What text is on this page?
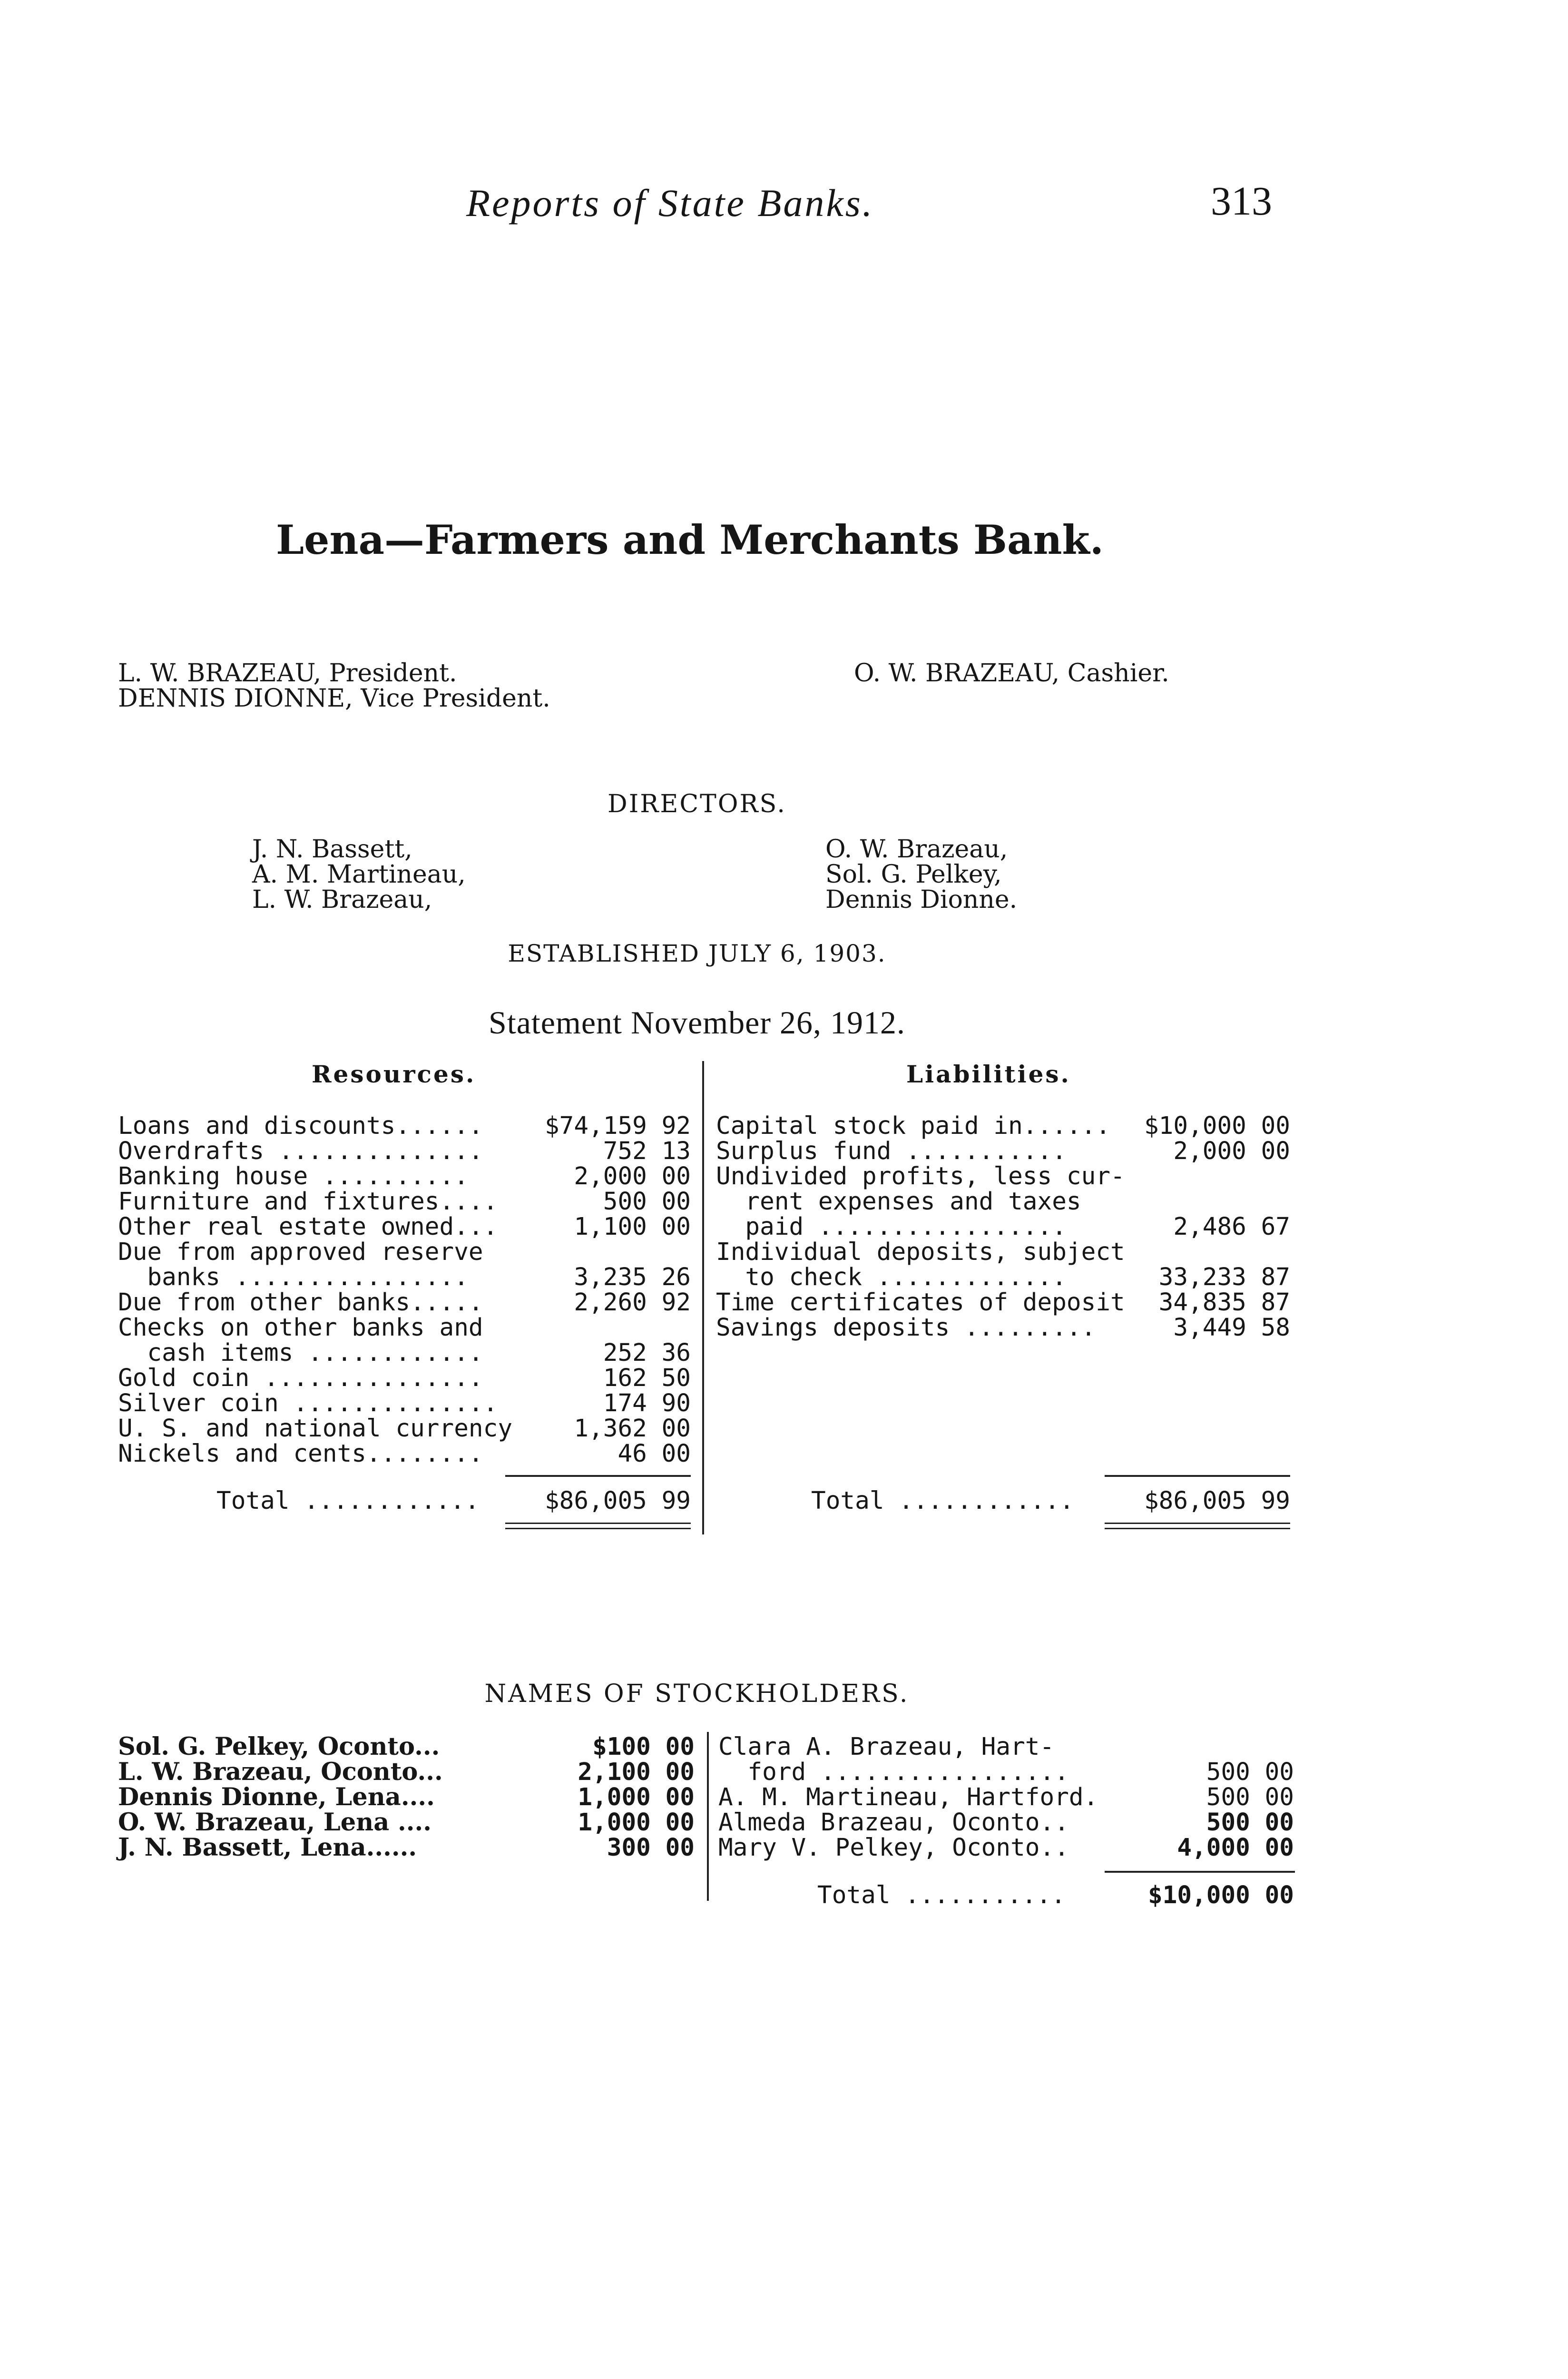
Reports of State Banks.	313
Lena—Farmers and Merchants Bank.
L. W. BRAZEAU, President.
DENNIS DIONNE, Vice President.
O. W. BRAZEAU, Cashier.
DIRECTORS.
J. N. Bassett,
A. M. Martineau,
L. W. Brazeau,
O. W. Brazeau,
Sol. G. Pelkey,
Dennis Dionne.
ESTABLISHED JULY 6, 1903.
Statement November 26, 1912.
Resources.	Liabilities.
Loans and discounts......	$74,159 92
Overdrafts ..............	752 13
Banking house ..........	2,000 00
Furniture and fixtures....	500 00
Other real estate owned...	1,100 00
Due from approved reserve
banks ................	3,235 26
Due from other banks.....	2,260 92
Checks on other banks and
cash items ............	252 36
Gold coin ...............	162 50
Silver coin ..............	174 90
U. S. and national currency	1,362 00
Nickels and cents........	46 00
Total ............	$86,005 99
Capital stock paid in......	$10,000 00
Surplus fund ...........	2,000 00
Undivided profits, less cur-
rent expenses and taxes
paid .................	2,486 67
Individual deposits, subject
to check .............	33,233 87
Time certificates of deposit	34,835 87
Savings deposits .........	3,449 58
Total ............	$86,005 99
NAMES OF STOCKHOLDERS.
Sol. G. Pelkey, Oconto...	$100 00
L. W. Brazeau, Oconto...	2,100 00
Dennis Dionne, Lena....	1,000 00
O. W. Brazeau, Lena ....	1,000 00
J. N. Bassett, Lena......	300 00
Clara A. Brazeau, Hart-
ford .................	500 00
A. M. Martineau, Hartford.	500 00
Almeda Brazeau, Oconto..	500 00
Mary V. Pelkey, Oconto..	4,000 00
Total ...........	$10,000 00
